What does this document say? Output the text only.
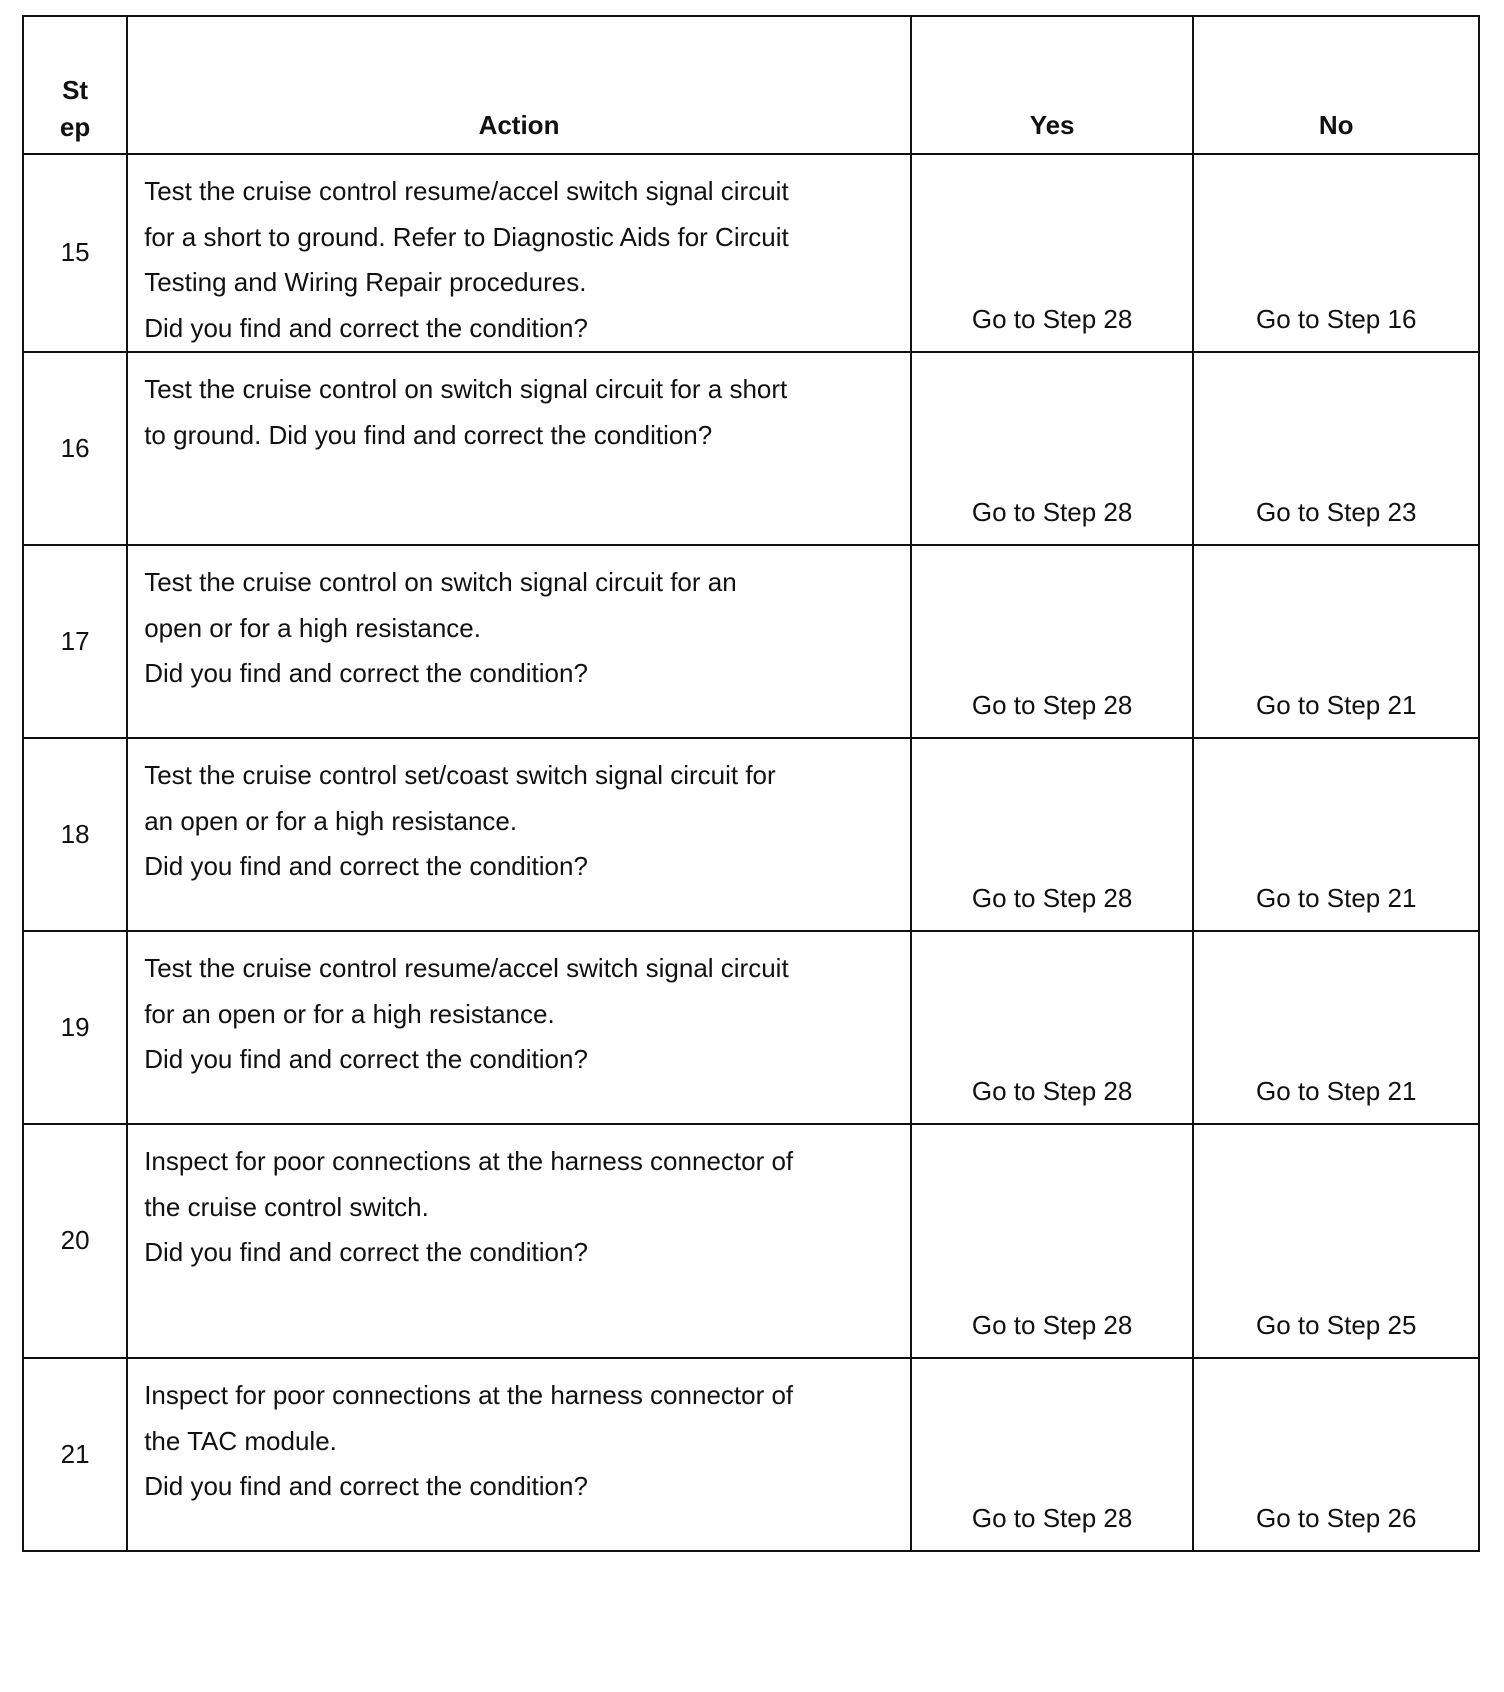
St
ep	Action	Yes	No
15	Test the cruise control resume/accel switch signal circuit
for a short to ground. Refer to Diagnostic Aids for Circuit
Testing and Wiring Repair procedures.
Did you find and correct the condition?	Go to Step 28	Go to Step 16
16	Test the cruise control on switch signal circuit for a short
to ground. Did you find and correct the condition?	Go to Step 28	Go to Step 23
17	Test the cruise control on switch signal circuit for an
open or for a high resistance.
Did you find and correct the condition?	Go to Step 28	Go to Step 21
18	Test the cruise control set/coast switch signal circuit for
an open or for a high resistance.
Did you find and correct the condition?	Go to Step 28	Go to Step 21
19	Test the cruise control resume/accel switch signal circuit
for an open or for a high resistance.
Did you find and correct the condition?	Go to Step 28	Go to Step 21
20	Inspect for poor connections at the harness connector of
the cruise control switch.
Did you find and correct the condition?	Go to Step 28	Go to Step 25
21	Inspect for poor connections at the harness connector of
the TAC module.
Did you find and correct the condition?	Go to Step 28	Go to Step 26
